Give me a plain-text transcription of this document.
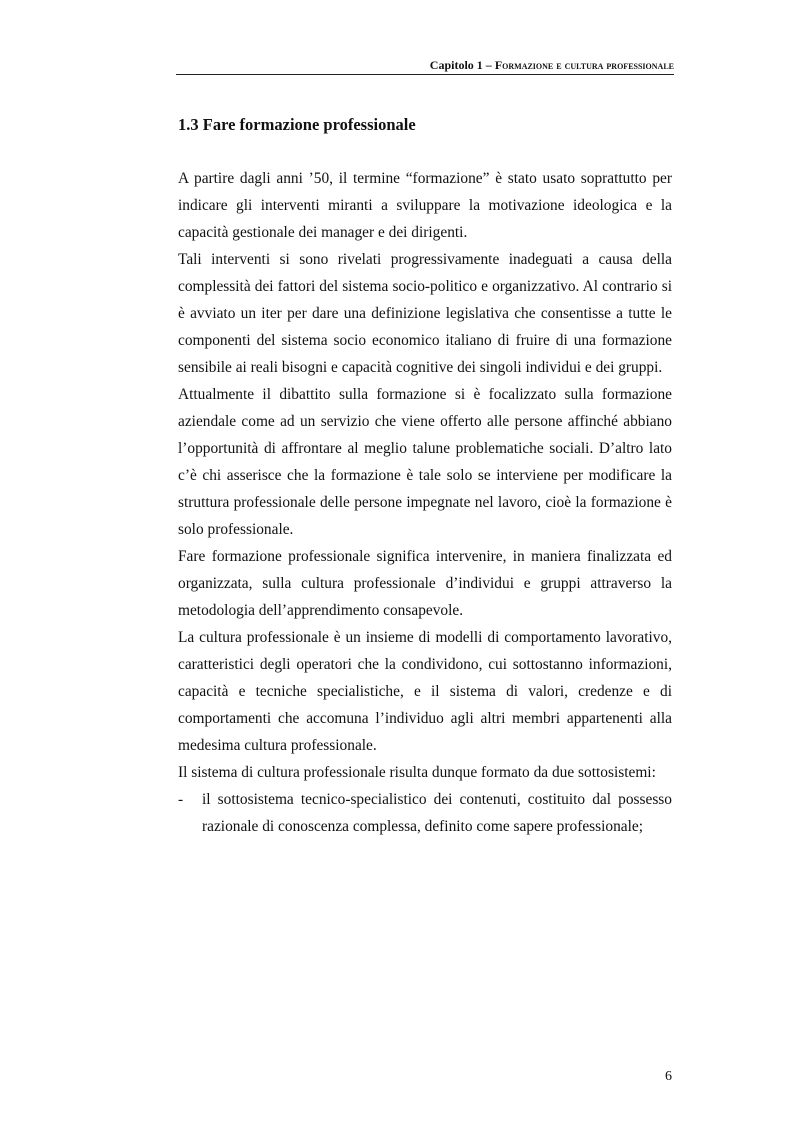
Capitolo 1 – Formazione e cultura professionale
1.3 Fare formazione professionale

A partire dagli anni ’50, il termine “formazione” è stato usato soprattutto per indicare gli interventi miranti a sviluppare la motivazione ideologica e la capacità gestionale dei manager e dei dirigenti.

Tali interventi si sono rivelati progressivamente inadeguati a causa della complessità dei fattori del sistema socio-politico e organizzativo. Al contrario si è avviato un iter per dare una definizione legislativa che consentisse a tutte le componenti del sistema socio economico italiano di fruire di una formazione sensibile ai reali bisogni e capacità cognitive dei singoli individui e dei gruppi.

Attualmente il dibattito sulla formazione si è focalizzato sulla formazione aziendale come ad un servizio che viene offerto alle persone affinché abbiano l’opportunità di affrontare al meglio talune problematiche sociali. D’altro lato c’è chi asserisce che la formazione è tale solo se interviene per modificare la struttura professionale delle persone impegnate nel lavoro, cioè la formazione è solo professionale.

Fare formazione professionale significa intervenire, in maniera finalizzata ed organizzata, sulla cultura professionale d’individui e gruppi attraverso la metodologia dell’apprendimento consapevole.

La cultura professionale è un insieme di modelli di comportamento lavorativo, caratteristici degli operatori che la condividono, cui sottostanno informazioni, capacità e tecniche specialistiche, e il sistema di valori, credenze e di comportamenti che accomuna l’individuo agli altri membri appartenenti alla medesima cultura professionale.

Il sistema di cultura professionale risulta dunque formato da due sottosistemi:

- il sottosistema tecnico-specialistico dei contenuti, costituito dal possesso razionale di conoscenza complessa, definito come sapere professionale;
6
